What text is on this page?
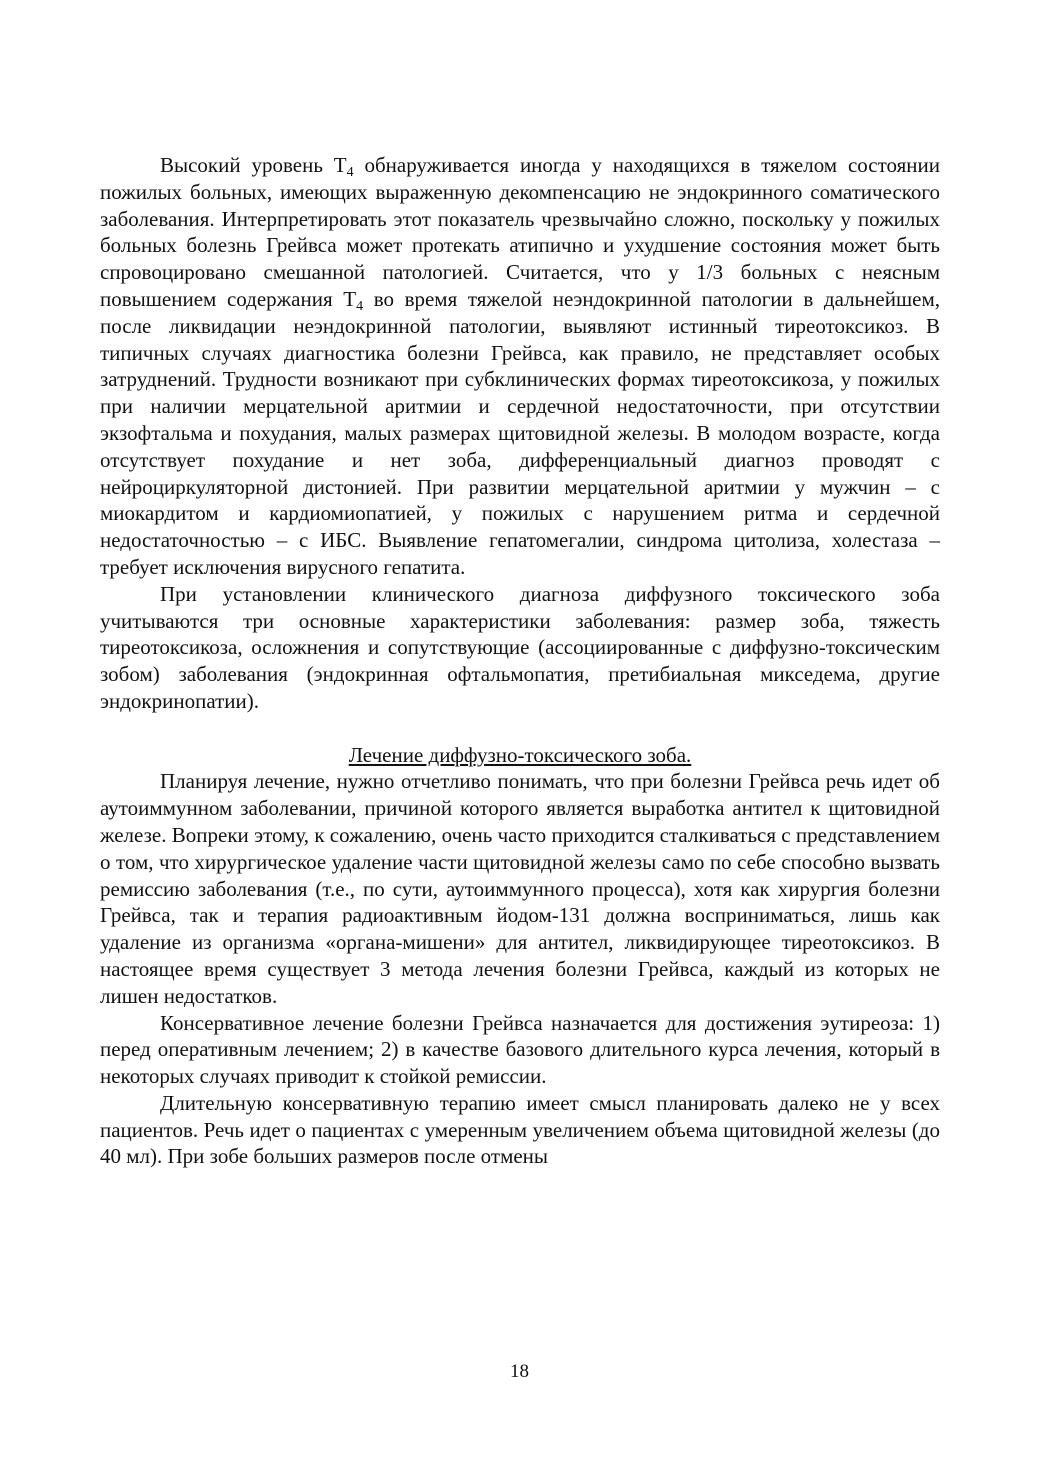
Высокий уровень $Т_4$ обнаруживается иногда у находящихся в тяжелом состоянии пожилых больных, имеющих выраженную декомпенсацию не эндокринного соматического заболевания. Интерпретировать этот показатель чрезвычайно сложно, поскольку у пожилых больных болезнь Грейвса может протекать атипично и ухудшение состояния может быть спровоцировано смешанной патологией. Считается, что у 1/3 больных с неясным повышением содержания $Т_4$ во время тяжелой неэндокринной патологии в дальнейшем, после ликвидации неэндокринной патологии, выявляют истинный тиреотоксикоз. В типичных случаях диагностика болезни Грейвса, как правило, не представляет особых затруднений. Трудности возникают при субклинических формах тиреотоксикоза, у пожилых при наличии мерцательной аритмии и сердечной недостаточности, при отсутствии экзофтальма и похудания, малых размерах щитовидной железы. В молодом возрасте, когда отсутствует похудание и нет зоба, дифференциальный диагноз проводят с нейроциркуляторной дистонией. При развитии мерцательной аритмии у мужчин – с миокардитом и кардиомиопатией, у пожилых с нарушением ритма и сердечной недостаточностью – с ИБС. Выявление гепатомегалии, синдрома цитолиза, холестаза – требует исключения вирусного гепатита.

При установлении клинического диагноза диффузного токсического зоба учитываются три основные характеристики заболевания: размер зоба, тяжесть тиреотоксикоза, осложнения и сопутствующие (ассоциированные с диффузно-токсическим зобом) заболевания (эндокринная офтальмопатия, претибиальная микседема, другие эндокринопатии).

Лечение диффузно-токсического зоба.

Планируя лечение, нужно отчетливо понимать, что при болезни Грейвса речь идет об аутоиммунном заболевании, причиной которого является выработка антител к щитовидной железе. Вопреки этому, к сожалению, очень часто приходится сталкиваться с представлением о том, что хирургическое удаление части щитовидной железы само по себе способно вызвать ремиссию заболевания (т.е., по сути, аутоиммунного процесса), хотя как хирургия болезни Грейвса, так и терапия радиоактивным йодом-131 должна восприниматься, лишь как удаление из организма «органа-мишени» для антител, ликвидирующее тиреотоксикоз. В настоящее время существует 3 метода лечения болезни Грейвса, каждый из которых не лишен недостатков.

Консервативное лечение болезни Грейвса назначается для достижения эутиреоза: 1) перед оперативным лечением; 2) в качестве базового длительного курса лечения, который в некоторых случаях приводит к стойкой ремиссии.

Длительную консервативную терапию имеет смысл планировать далеко не у всех пациентов. Речь идет о пациентах с умеренным увеличением объема щитовидной железы (до 40 мл). При зобе больших размеров после отмены

18
